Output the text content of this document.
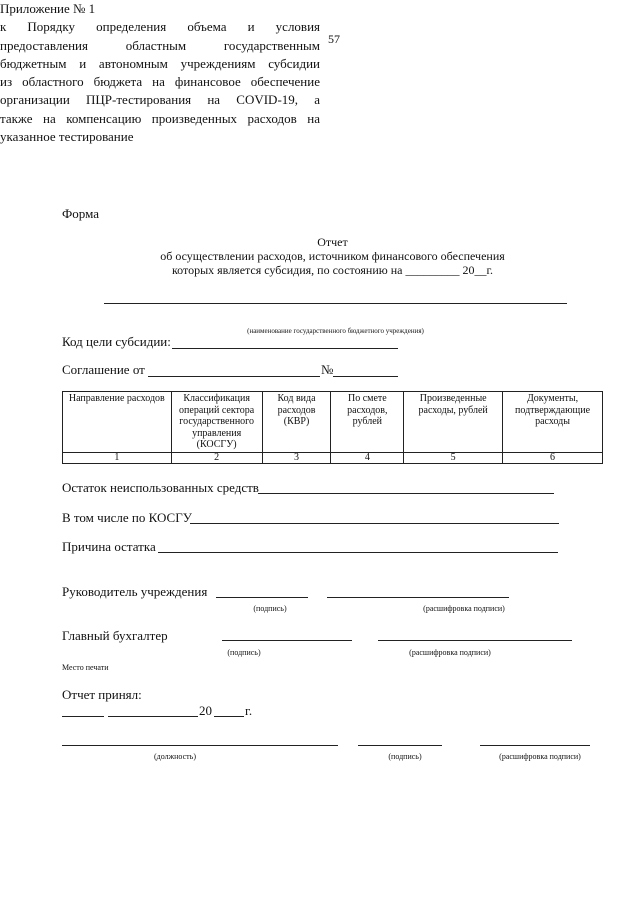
57
Приложение № 1
к Порядку определения объема и условия
предоставления областным государственным
бюджетным и автономным учреждениям субсидии
из областного бюджета на финансовое обеспечение
организации ПЦР-тестирования на COVID-19, а
также на компенсацию произведенных расходов на
указанное тестирование
Форма
Отчет
об осуществлении расходов, источником финансового обеспечения
которых является субсидия, по состоянию на _________ 20__г.
(наименование государственного бюджетного учреждения)
Код цели субсидии:
Соглашение от	№
Направление расходов	Классификация операций сектора государственного управления (КОСГУ)	Код вида расходов (КВР)	По смете расходов, рублей	Произведенные расходы, рублей	Документы, подтверждающие расходы
1	2	3	4	5	6
Остаток неиспользованных средств
В том числе по КОСГУ
Причина остатка
Руководитель учреждения
(подпись)	(расшифровка подписи)
Главный бухгалтер
(подпись)	(расшифровка подписи)
Место печати
Отчет принял:
20	г.
(должность)	(подпись)	(расшифровка подписи)
